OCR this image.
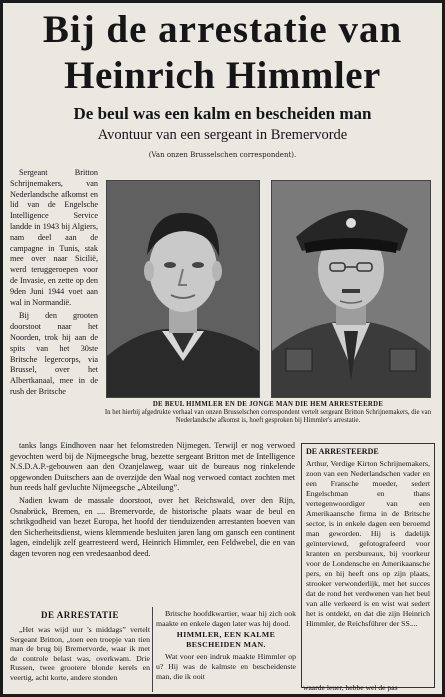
Bij de arrestatie van
Heinrich Himmler
De beul was een kalm en bescheiden man
Avontuur van een sergeant in Bremervorde
(Van onzen Brusselschen correspondent).

Sergeant Britton Schrijnemakers, van Nederlandsche afkomst en lid van de Engelsche Intelligence Service landde in 1943 bij Algiers, nam deel aan de campagne in Tunis, stak mee over naar Sicilië, werd teruggeroepen voor de Invasie, en zette op den 9den Juni 1944 voet aan wal in Normandië.

Bij den grooten doorstoot naar het Noorden, trok hij aan de spits van het 30ste Britsche legercorps, via Brussel, over het Albertkanaal, mee in de rush der Britsche

DE BEUL HIMMLER EN DE JONGE MAN DIE HEM ARRESTEERDE
In het hierbij afgedrukte verhaal van onzen Brusselschen correspondent vertelt sergeant Britton Schrijnemakers, die van Nederlandsche afkomst is, hoeft gesproken bij Himmler's arrestatie.

tanks langs Eindhoven naar het felomstreden Nijmegen. Terwijl er nog verwoed gevochten werd bij de Nijmeegsche brug, bezette sergeant Britton met de Intelligence N.S.D.A.P.-gebouwen aan den Ozanjelaweg, waar uit de bureaus nog rinkelende opgewonden Duitschers aan de overzijde den Waal nog verwoed contact zochten met hun reeds half gevluchte Nijmeegsche „Abteilung”.

Nadien kwam de massale doorstoot, over het Reichswald, over den Rijn, Osnabrück, Bremen, en .... Bremervorde, de historische plaats waar de beul en schrikgodheid van bezet Europa, het hoofd der tienduizenden arrestanten boeven van den Sicherheitsdienst, wiens klemmende besluiten jaren lang om gansch een continent lagen, eindelijk zelf gearresteerd werd, Heinrich Himmler, een Feldwebel, die en van dagen tevoren nog een vredesaanbod deed.

DE ARRESTEERDE
Arthur, Verdige Kirton Schrijnemakers, zoon van een Nederlandschen vader en een Fransche moeder, sedert Engelschman en thans vertegenwoordiger van een Amerikaansche firma in de Britsche sector, is in enkele dagen een beroemd man geworden. Hij is dadelijk geïnterviewd, gefotografeerd voor kranten en persbureaux, bij voorkeur voor de Londensche en Amerikaansche pers, en hij heeft ons op zijn plaats, strooker verwonderlijk, met het succes dat de rond het verdwenen van het beul van alle verkeerd is en wist wat sedert het is ontdekt, en dat die zijn Heinrich Himmler, de Reichsführer der SS....
DE ARRESTATIE

„Het was wijd uur 's middags” vertelt Sergeant Britton, „toen een troepje van tien man de brug bij Bremervorde, waar ik met de controle belast was, overkwam. Drie Russen, twee grootere blonde kerels en veertig, acht korte, andere stonden

Britsche hoofdkwartier, waar hij zich ook maakte en enkele dagen later was hij dood.

HIMMLER, EEN KALME BESCHEIDEN MAN.

Wat voor een indruk maakte Himmler op u? Hij was de kalmste en bescheidenste man, die ik ooit

waarde leuer, hebbe wel de pas
